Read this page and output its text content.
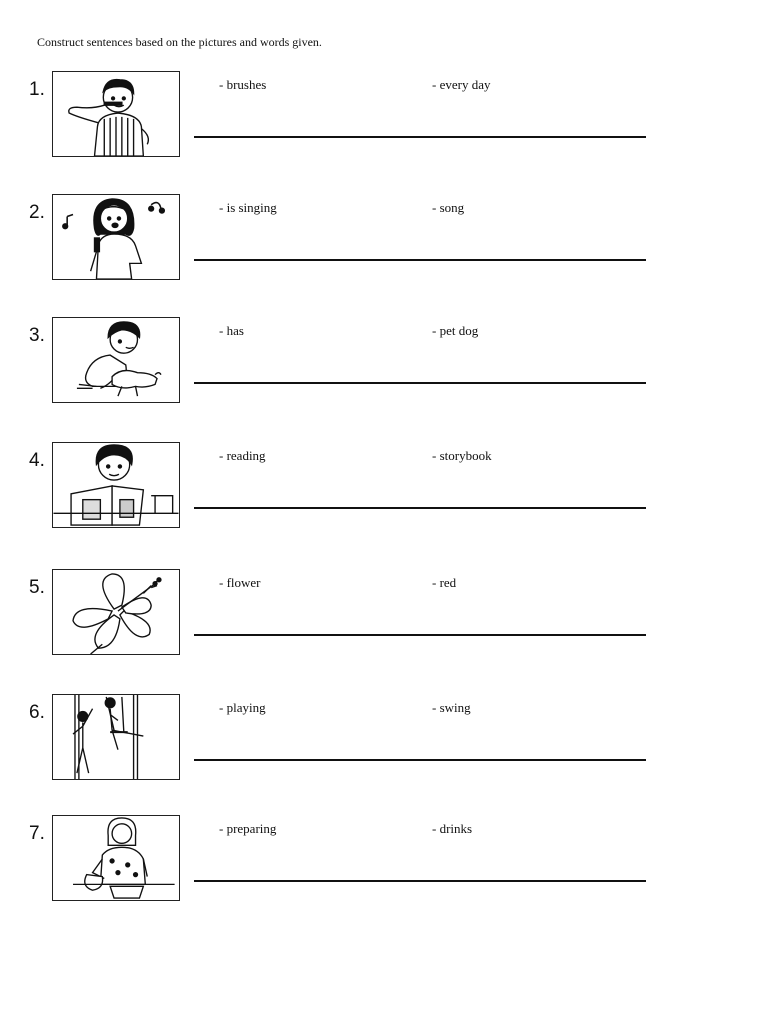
Construct sentences based on the pictures and words given.
1.	- brushes	- every day
2.	- is singing	- song
3.	- has	- pet dog
4.	- reading	- storybook
5.	- flower	- red
6.	- playing	- swing
7.	- preparing	- drinks
